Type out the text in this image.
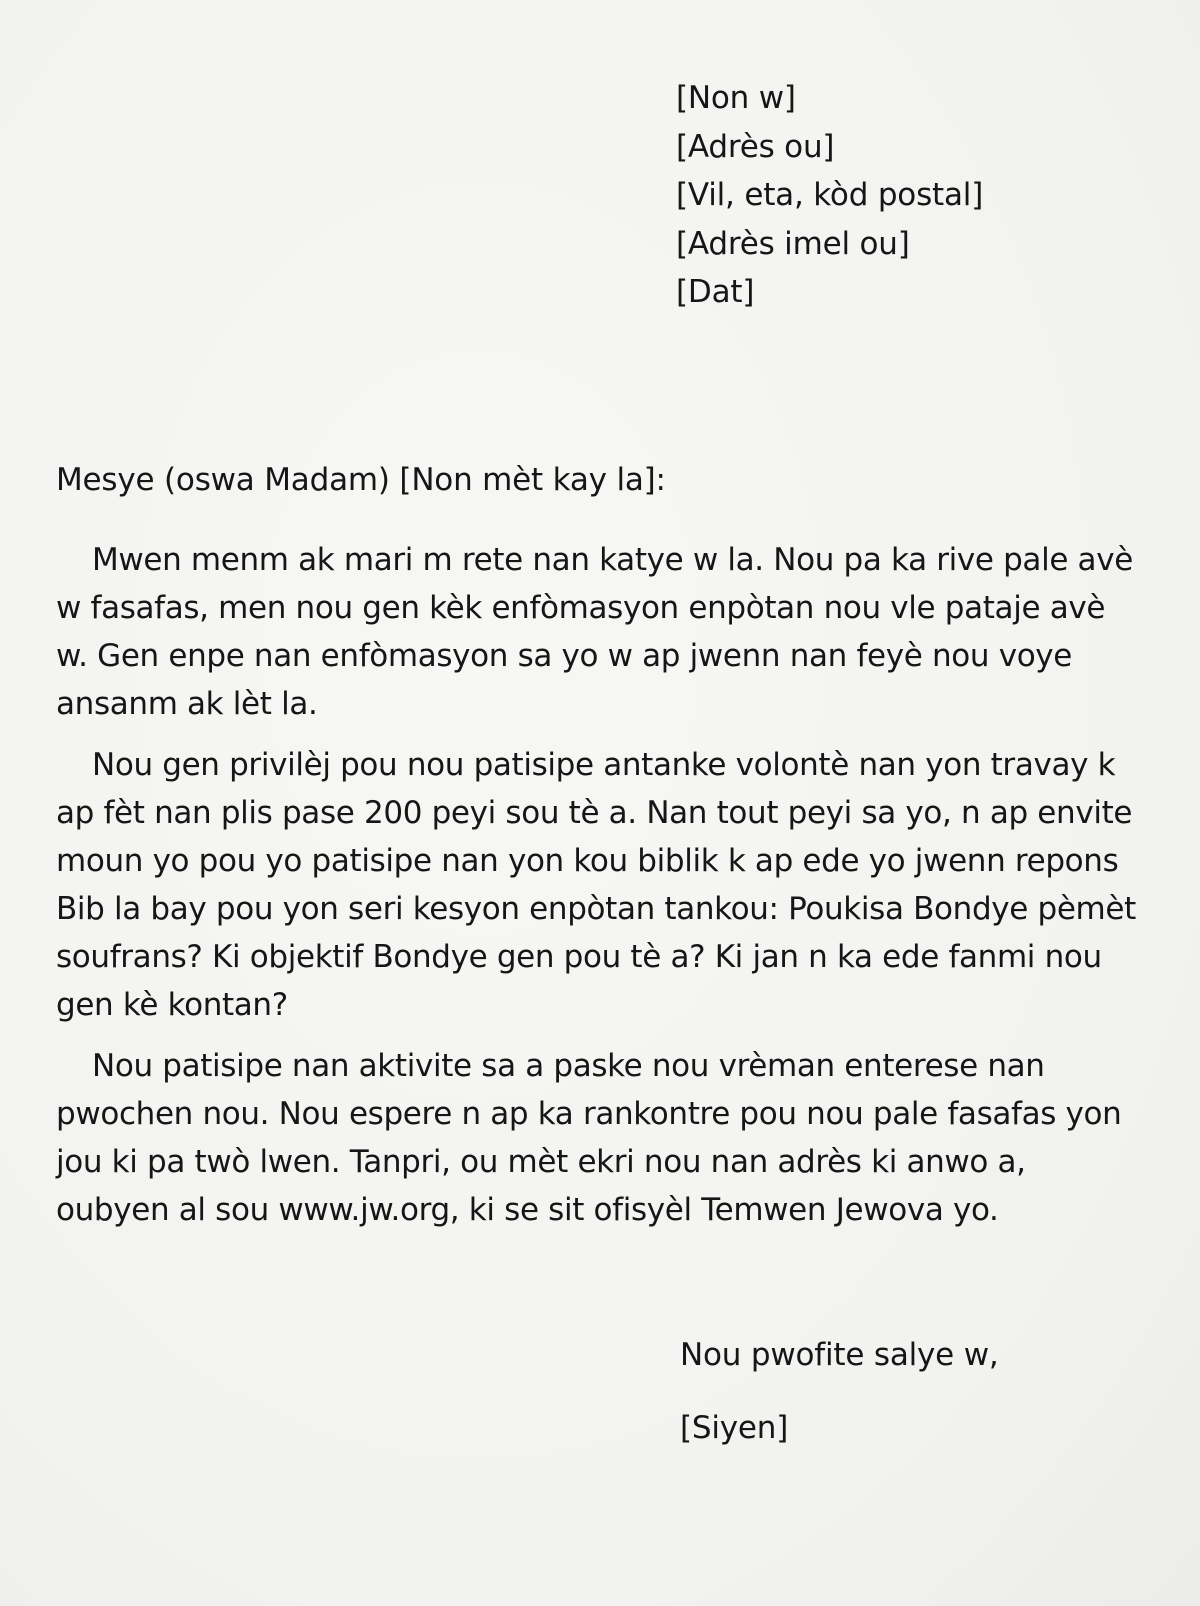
[Non w]
[Adrès ou]
[Vil, eta, kòd postal]
[Adrès imel ou]
[Dat]
Mesye (oswa Madam) [Non mèt kay la]:

Mwen menm ak mari m rete nan katye w la. Nou pa ka rive pale avè w fasafas, men nou gen kèk enfòmasyon enpòtan nou vle pataje avè w. Gen enpe nan enfòmasyon sa yo w ap jwenn nan feyè nou voye ansanm ak lèt la.

Nou gen privilèj pou nou patisipe antanke volontè nan yon travay k ap fèt nan plis pase 200 peyi sou tè a. Nan tout peyi sa yo, n ap envite moun yo pou yo patisipe nan yon kou biblik k ap ede yo jwenn repons Bib la bay pou yon seri kesyon enpòtan tankou: Poukisa Bondye pèmèt soufrans? Ki objektif Bondye gen pou tè a? Ki jan n ka ede fanmi nou gen kè kontan?

Nou patisipe nan aktivite sa a paske nou vrèman enterese nan pwochen nou. Nou espere n ap ka rankontre pou nou pale fasafas yon jou ki pa twò lwen. Tanpri, ou mèt ekri nou nan adrès ki anwo a, oubyen al sou www.jw.org, ki se sit ofisyèl Temwen Jewova yo.

Nou pwofite salye w,
[Siyen]
